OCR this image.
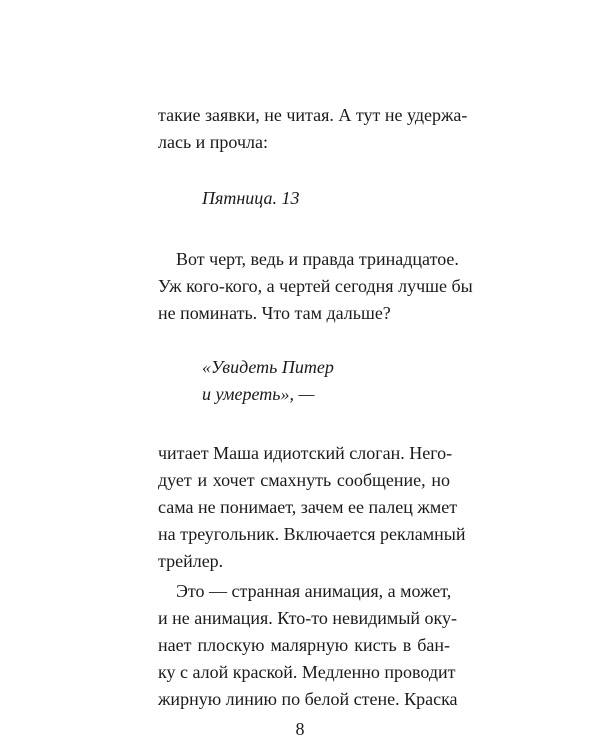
такие заявки, не читая. А тут не удержа-
лась и прочла:
Пятница. 13
Вот черт, ведь и правда тринадцатое.
Уж кого-кого, а чертей сегодня лучше бы
не поминать. Что там дальше?
«Увидеть Питер
и умереть», —
читает Маша идиотский слоган. Него-
дует и хочет смахнуть сообщение, но
сама не понимает, зачем ее палец жмет
на треугольник. Включается рекламный
трейлер.
Это — странная анимация, а может,
и не анимация. Кто-то невидимый оку-
нает плоскую малярную кисть в бан-
ку с алой краской. Медленно проводит
жирную линию по белой стене. Краска
8
